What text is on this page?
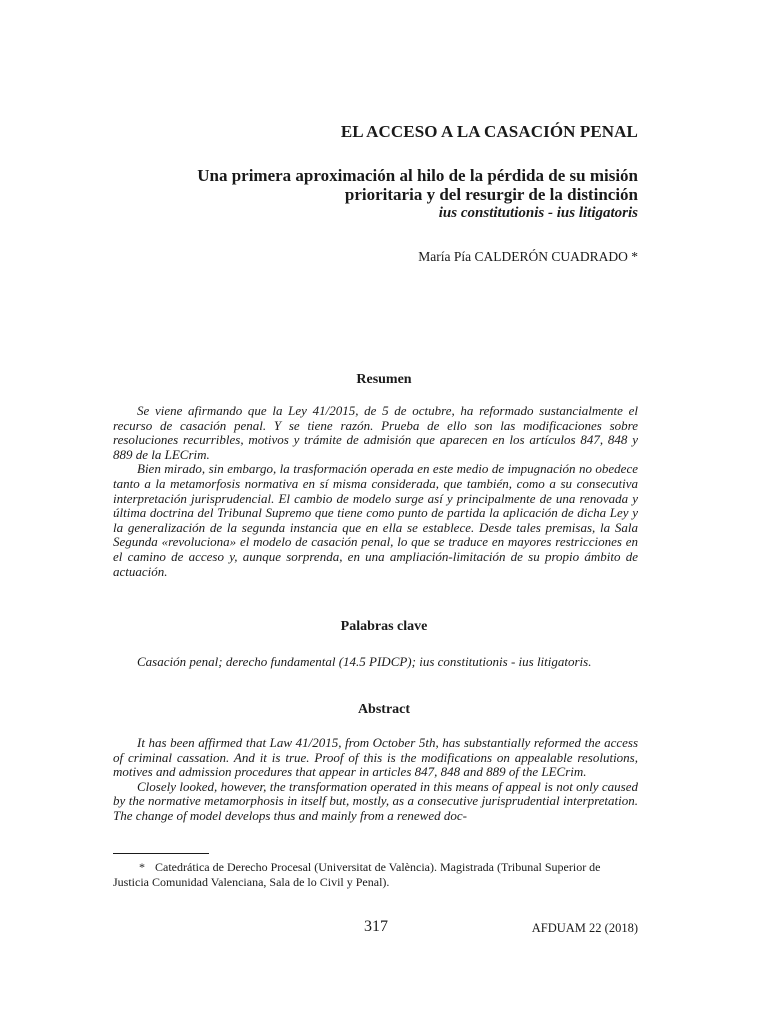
EL ACCESO A LA CASACIÓN PENAL
Una primera aproximación al hilo de la pérdida de su misión
prioritaria y del resurgir de la distinción
ius constitutionis - ius litigatoris

María Pía CALDERÓN CUADRADO *

Resumen

Se viene afirmando que la Ley 41/2015, de 5 de octubre, ha reformado sustancialmente el recurso de casación penal. Y se tiene razón. Prueba de ello son las modificaciones sobre resoluciones recurribles, motivos y trámite de admisión que aparecen en los artículos 847, 848 y 889 de la LECrim.

Bien mirado, sin embargo, la trasformación operada en este medio de impugnación no obedece tanto a la metamorfosis normativa en sí misma considerada, que también, como a su consecutiva interpretación jurisprudencial. El cambio de modelo surge así y principalmente de una renovada y última doctrina del Tribunal Supremo que tiene como punto de partida la aplicación de dicha Ley y la generalización de la segunda instancia que en ella se establece. Desde tales premisas, la Sala Segunda «revoluciona» el modelo de casación penal, lo que se traduce en mayores restricciones en el camino de acceso y, aunque sorprenda, en una ampliación-limitación de su propio ámbito de actuación.

Palabras clave

Casación penal; derecho fundamental (14.5 PIDCP); ius constitutionis - ius litigatoris.

Abstract

It has been affirmed that Law 41/2015, from October 5th, has substantially reformed the access of criminal cassation. And it is true. Proof of this is the modifications on appealable resolutions, motives and admission procedures that appear in articles 847, 848 and 889 of the LECrim.

Closely looked, however, the transformation operated in this means of appeal is not only caused by the normative metamorphosis in itself but, mostly, as a consecutive jurisprudential interpretation. The change of model develops thus and mainly from a renewed doc-

* Catedrática de Derecho Procesal (Universitat de València). Magistrada (Tribunal Superior de Justicia Comunidad Valenciana, Sala de lo Civil y Penal).

317	AFDUAM 22 (2018)
